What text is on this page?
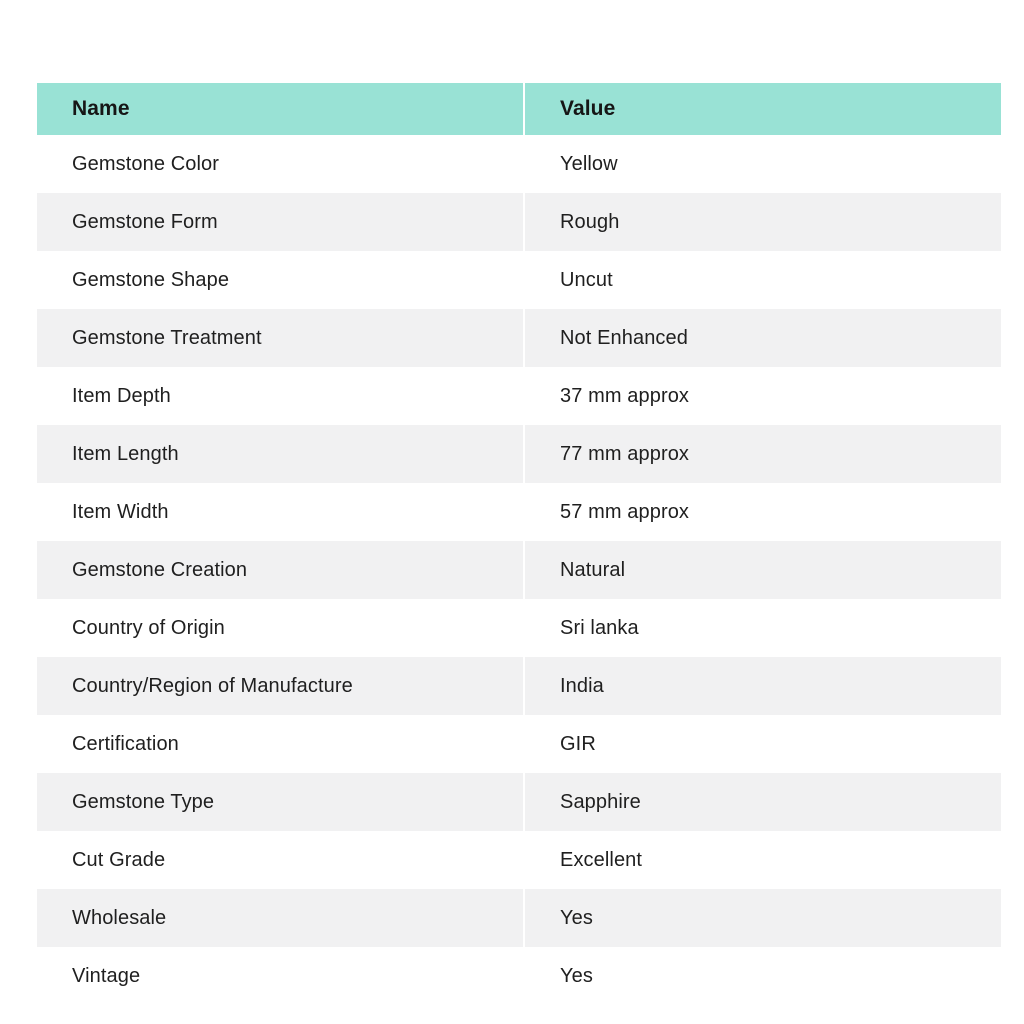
Name	Value
Gemstone Color	Yellow
Gemstone Form	Rough
Gemstone Shape	Uncut
Gemstone Treatment	Not Enhanced
Item Depth	37 mm approx
Item Length	77 mm approx
Item Width	57 mm approx
Gemstone Creation	Natural
Country of Origin	Sri lanka
Country/Region of Manufacture	India
Certification	GIR
Gemstone Type	Sapphire
Cut Grade	Excellent
Wholesale	Yes
Vintage	Yes
